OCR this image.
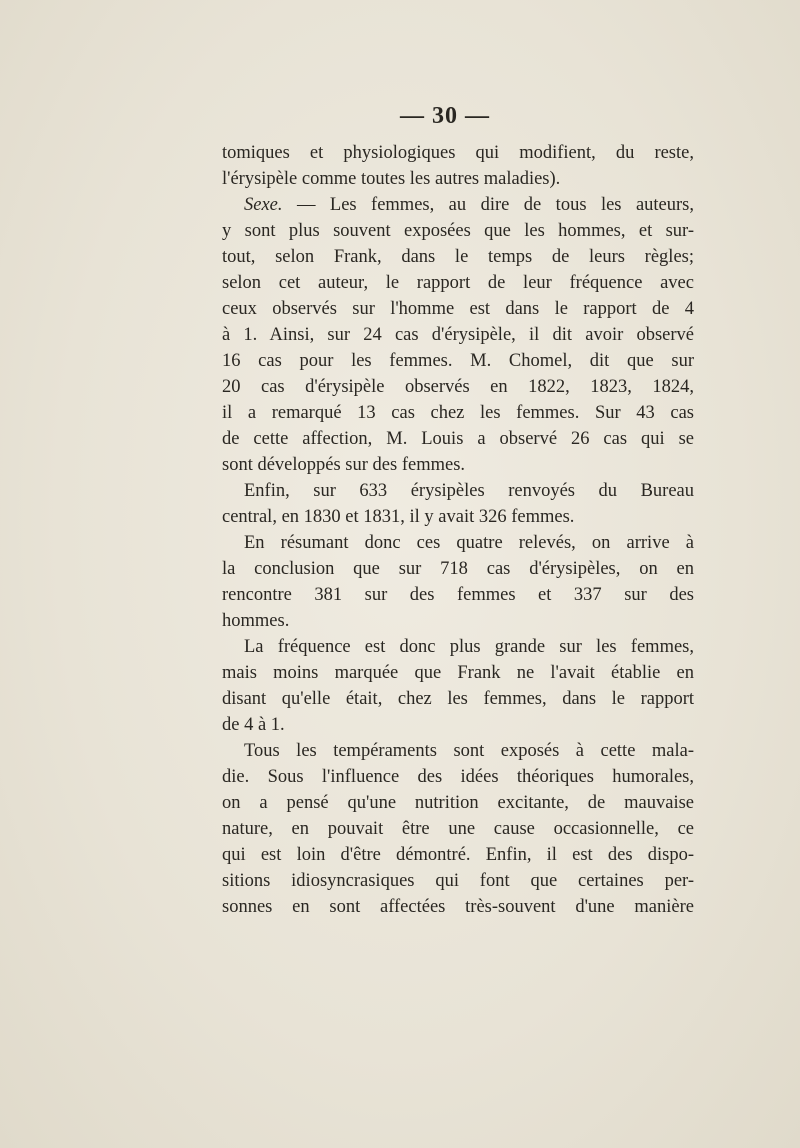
— 30 —
tomiques et physiologiques qui modifient, du reste,
l'érysipèle comme toutes les autres maladies).
Sexe. — Les femmes, au dire de tous les auteurs,
y sont plus souvent exposées que les hommes, et sur-
tout, selon Frank, dans le temps de leurs règles;
selon cet auteur, le rapport de leur fréquence avec
ceux observés sur l'homme est dans le rapport de 4
à 1. Ainsi, sur 24 cas d'érysipèle, il dit avoir observé
16 cas pour les femmes. M. Chomel, dit que sur
20 cas d'érysipèle observés en 1822, 1823, 1824,
il a remarqué 13 cas chez les femmes. Sur 43 cas
de cette affection, M. Louis a observé 26 cas qui se
sont développés sur des femmes.
Enfin, sur 633 érysipèles renvoyés du Bureau
central, en 1830 et 1831, il y avait 326 femmes.
En résumant donc ces quatre relevés, on arrive à
la conclusion que sur 718 cas d'érysipèles, on en
rencontre 381 sur des femmes et 337 sur des
hommes.
La fréquence est donc plus grande sur les femmes,
mais moins marquée que Frank ne l'avait établie en
disant qu'elle était, chez les femmes, dans le rapport
de 4 à 1.
Tous les tempéraments sont exposés à cette mala-
die. Sous l'influence des idées théoriques humorales,
on a pensé qu'une nutrition excitante, de mauvaise
nature, en pouvait être une cause occasionnelle, ce
qui est loin d'être démontré. Enfin, il est des dispo-
sitions idiosyncrasiques qui font que certaines per-
sonnes en sont affectées très-souvent d'une manière
